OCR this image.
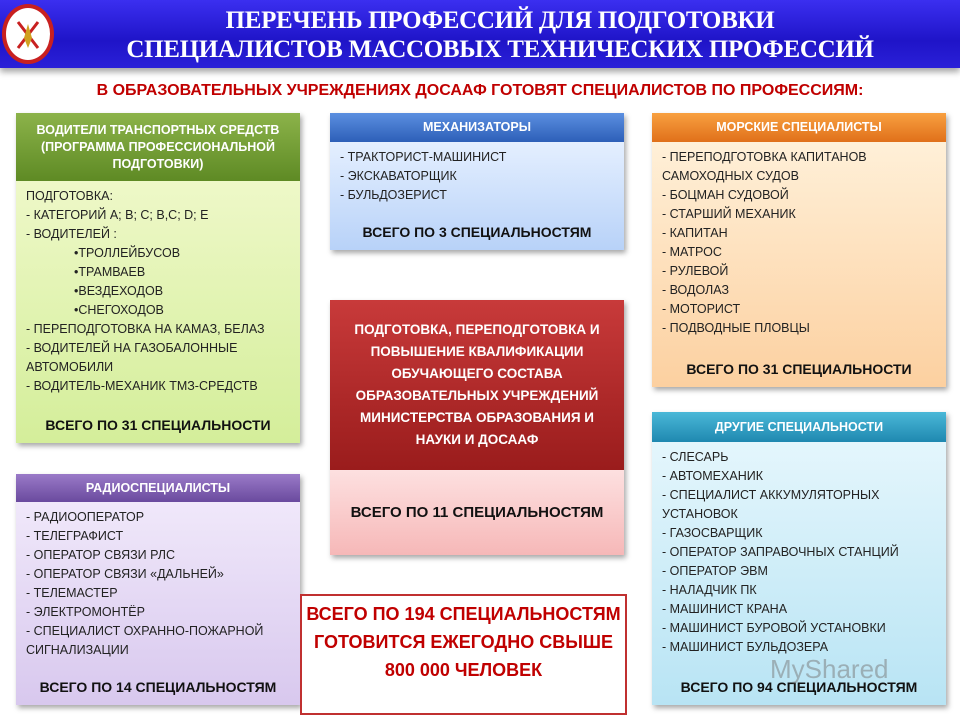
ПЕРЕЧЕНЬ ПРОФЕССИЙ ДЛЯ ПОДГОТОВКИ
СПЕЦИАЛИСТОВ МАССОВЫХ ТЕХНИЧЕСКИХ ПРОФЕССИЙ
В ОБРАЗОВАТЕЛЬНЫХ УЧРЕЖДЕНИЯХ ДОСААФ ГОТОВЯТ СПЕЦИАЛИСТОВ ПО ПРОФЕССИЯМ:
ВОДИТЕЛИ ТРАНСПОРТНЫХ СРЕДСТВ (ПРОГРАММА ПРОФЕССИОНАЛЬНОЙ ПОДГОТОВКИ)
ПОДГОТОВКА:
- КАТЕГОРИЙ А; В; С; В,С; D; Е
- ВОДИТЕЛЕЙ :
•ТРОЛЛЕЙБУСОВ
•ТРАМВАЕВ
•ВЕЗДЕХОДОВ
•СНЕГОХОДОВ
- ПЕРЕПОДГОТОВКА НА КАМАЗ, БЕЛАЗ
- ВОДИТЕЛЕЙ НА ГАЗОБАЛОННЫЕ АВТОМОБИЛИ
- ВОДИТЕЛЬ-МЕХАНИК ТМЗ-СРЕДСТВ
ВСЕГО ПО 31 СПЕЦИАЛЬНОСТИ
МЕХАНИЗАТОРЫ
- ТРАКТОРИСТ-МАШИНИСТ
- ЭКСКАВАТОРЩИК
- БУЛЬДОЗЕРИСТ
ВСЕГО ПО 3 СПЕЦИАЛЬНОСТЯМ
МОРСКИЕ СПЕЦИАЛИСТЫ
- ПЕРЕПОДГОТОВКА КАПИТАНОВ САМОХОДНЫХ СУДОВ
- БОЦМАН СУДОВОЙ
- СТАРШИЙ МЕХАНИК
- КАПИТАН
- МАТРОС
- РУЛЕВОЙ
- ВОДОЛАЗ
- МОТОРИСТ
- ПОДВОДНЫЕ ПЛОВЦЫ
ВСЕГО ПО 31 СПЕЦИАЛЬНОСТИ
ПОДГОТОВКА, ПЕРЕПОДГОТОВКА И ПОВЫШЕНИЕ КВАЛИФИКАЦИИ ОБУЧАЮЩЕГО СОСТАВА ОБРАЗОВАТЕЛЬНЫХ УЧРЕЖДЕНИЙ МИНИСТЕРСТВА ОБРАЗОВАНИЯ И НАУКИ И ДОСААФ
ВСЕГО ПО 11 СПЕЦИАЛЬНОСТЯМ
РАДИОСПЕЦИАЛИСТЫ
- РАДИООПЕРАТОР
- ТЕЛЕГРАФИСТ
- ОПЕРАТОР СВЯЗИ РЛС
- ОПЕРАТОР СВЯЗИ «ДАЛЬНЕЙ»
- ТЕЛЕМАСТЕР
- ЭЛЕКТРОМОНТЁР
- СПЕЦИАЛИСТ ОХРАННО-ПОЖАРНОЙ СИГНАЛИЗАЦИИ
ВСЕГО ПО 14 СПЕЦИАЛЬНОСТЯМ
ДРУГИЕ СПЕЦИАЛЬНОСТИ
- СЛЕСАРЬ
- АВТОМЕХАНИК
- СПЕЦИАЛИСТ АККУМУЛЯТОРНЫХ УСТАНОВОК
- ГАЗОСВАРЩИК
- ОПЕРАТОР ЗАПРАВОЧНЫХ СТАНЦИЙ
- ОПЕРАТОР ЭВМ
- НАЛАДЧИК ПК
- МАШИНИСТ КРАНА
- МАШИНИСТ БУРОВОЙ УСТАНОВКИ
- МАШИНИСТ БУЛЬДОЗЕРА
ВСЕГО ПО 94 СПЕЦИАЛЬНОСТЯМ
ВСЕГО ПО 194 СПЕЦИАЛЬНОСТЯМ ГОТОВИТСЯ ЕЖЕГОДНО СВЫШЕ 800 000 ЧЕЛОВЕК	MyShared
